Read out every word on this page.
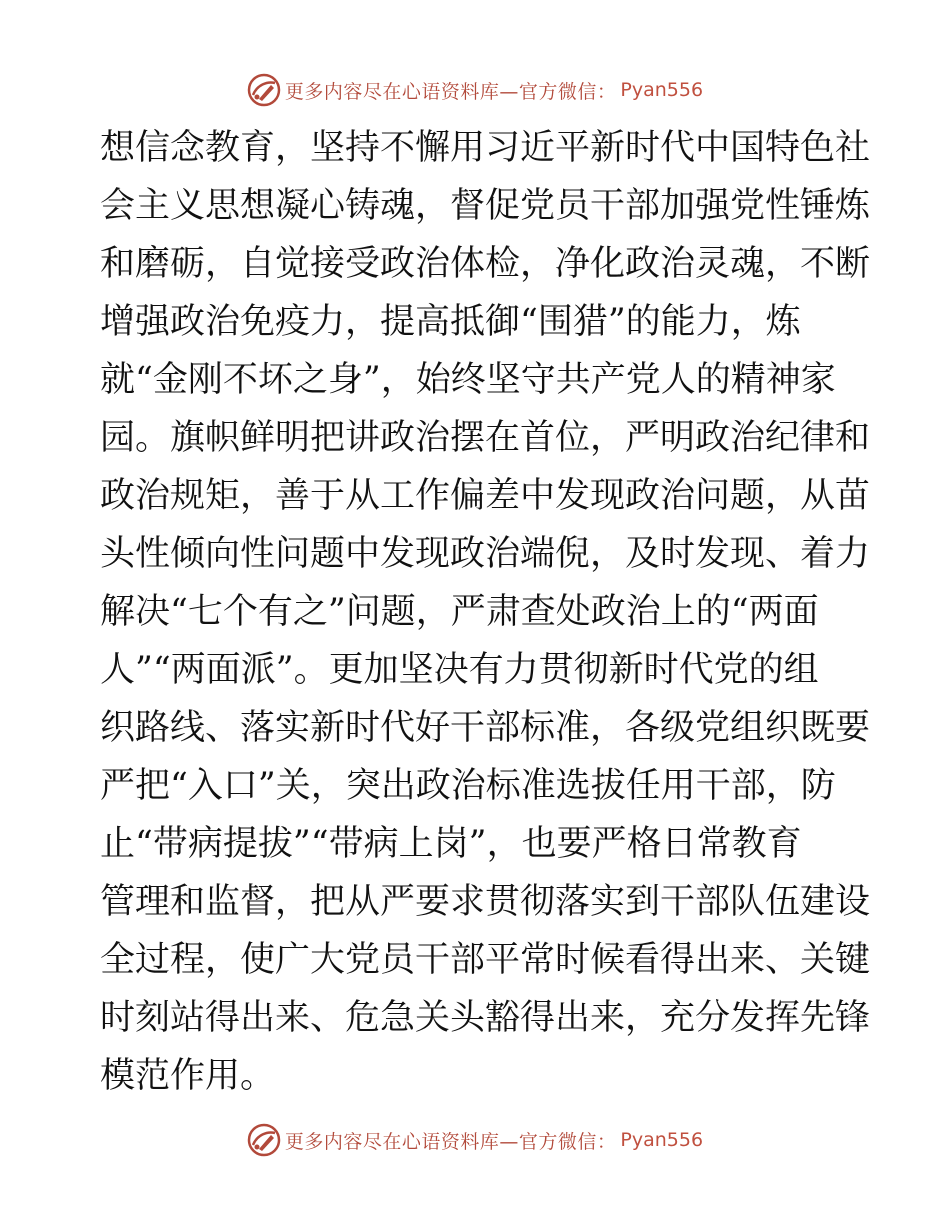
更多内容尽在心语资料库—官方微信： Pyan556
想信念教育，坚持不懈用习近平新时代中国特色社
会主义思想凝心铸魂，督促党员干部加强党性锤炼
和磨砺，自觉接受政治体检，净化政治灵魂，不断
增强政治免疫力，提高抵御“围猎”的能力，炼
就“金刚不坏之身”，始终坚守共产党人的精神家
园。旗帜鲜明把讲政治摆在首位，严明政治纪律和
政治规矩，善于从工作偏差中发现政治问题，从苗
头性倾向性问题中发现政治端倪，及时发现、着力
解决“七个有之”问题，严肃查处政治上的“两面
人”“两面派”。更加坚决有力贯彻新时代党的组
织路线、落实新时代好干部标准，各级党组织既要
严把“入口”关，突出政治标准选拔任用干部，防
止“带病提拔”“带病上岗”，也要严格日常教育
管理和监督，把从严要求贯彻落实到干部队伍建设
全过程，使广大党员干部平常时候看得出来、关键
时刻站得出来、危急关头豁得出来，充分发挥先锋
模范作用。
更多内容尽在心语资料库—官方微信： Pyan556
